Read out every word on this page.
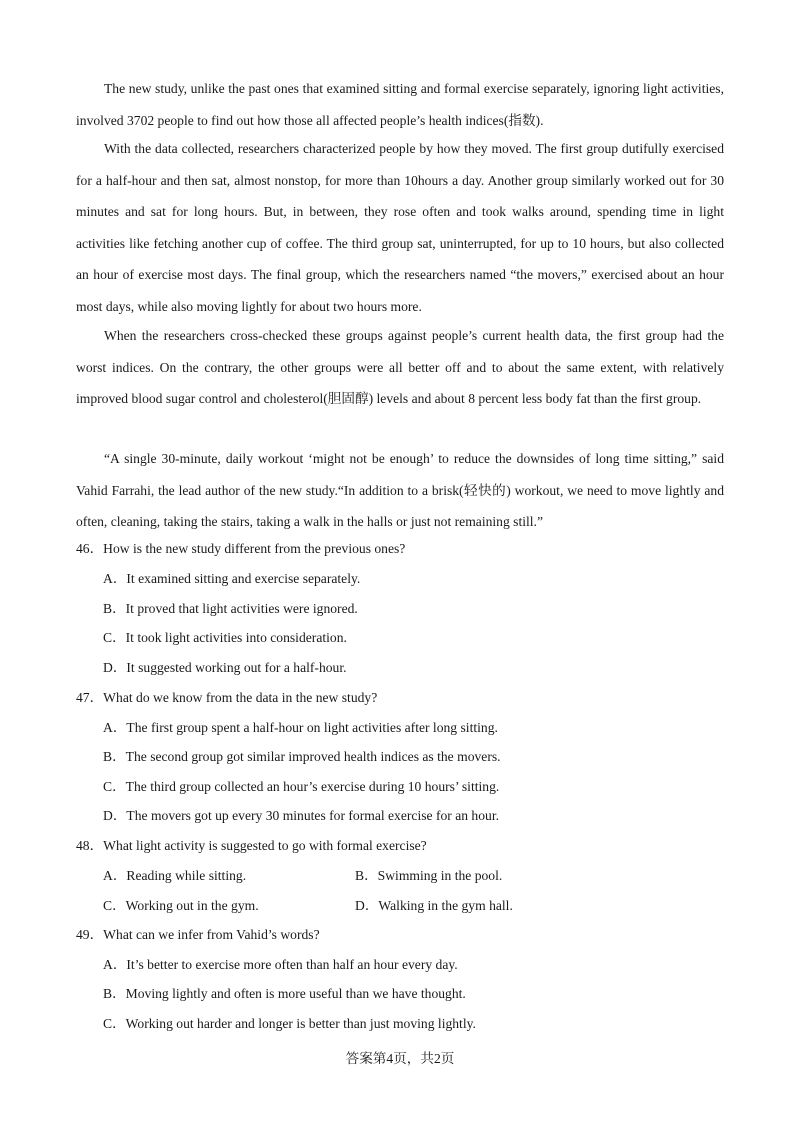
The new study, unlike the past ones that examined sitting and formal exercise separately, ignoring light activities, involved 3702 people to find out how those all affected people’s health indices(指数).

With the data collected, researchers characterized people by how they moved. The first group dutifully exercised for a half-hour and then sat, almost nonstop, for more than 10hours a day. Another group similarly worked out for 30 minutes and sat for long hours. But, in between, they rose often and took walks around, spending time in light activities like fetching another cup of coffee. The third group sat, uninterrupted, for up to 10 hours, but also collected an hour of exercise most days. The final group, which the researchers named “the movers,” exercised about an hour most days, while also moving lightly for about two hours more.

When the researchers cross-checked these groups against people’s current health data, the first group had the worst indices. On the contrary, the other groups were all better off and to about the same extent, with relatively improved blood sugar control and cholesterol(胆固醇) levels and about 8 percent less body fat than the first group.

“A single 30-minute, daily workout ‘might not be enough’ to reduce the downsides of long time sitting,” said Vahid Farrahi, the lead author of the new study.“In addition to a brisk(轻快的) workout, we need to move lightly and often, cleaning, taking the stairs, taking a walk in the halls or just not remaining still.”

46．How is the new study different from the previous ones?
A．It examined sitting and exercise separately.
B．It proved that light activities were ignored.
C．It took light activities into consideration.
D．It suggested working out for a half-hour.
47．What do we know from the data in the new study?
A．The first group spent a half-hour on light activities after long sitting.
B．The second group got similar improved health indices as the movers.
C．The third group collected an hour’s exercise during 10 hours’ sitting.
D．The movers got up every 30 minutes for formal exercise for an hour.
48．What light activity is suggested to go with formal exercise?
A．Reading while sitting.	B．Swimming in the pool.
C．Working out in the gym.	D．Walking in the gym hall.
49．What can we infer from Vahid’s words?
A．It’s better to exercise more often than half an hour every day.
B．Moving lightly and often is more useful than we have thought.
C．Working out harder and longer is better than just moving lightly.
答案第4页，共2页
